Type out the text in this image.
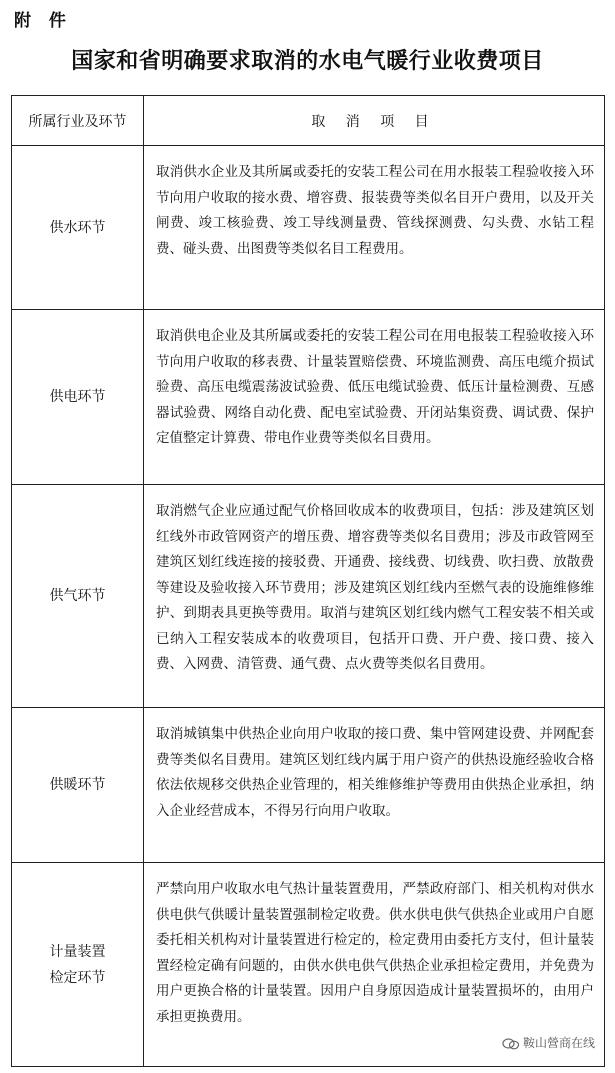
附 件
国家和省明确要求取消的水电气暖行业收费项目
所属行业及环节	取 消 项 目
供水环节	取消供水企业及其所属或委托的安装工程公司在用水报装工程验收接入环节向用户收取的接水费、增容费、报装费等类似名目开户费用，以及开关闸费、竣工核验费、竣工导线测量费、管线探测费、勾头费、水钻工程费、碰头费、出图费等类似名目工程费用。
供电环节	取消供电企业及其所属或委托的安装工程公司在用电报装工程验收接入环节向用户收取的移表费、计量装置赔偿费、环境监测费、高压电缆介损试验费、高压电缆震荡波试验费、低压电缆试验费、低压计量检测费、互感器试验费、网络自动化费、配电室试验费、开闭站集资费、调试费、保护定值整定计算费、带电作业费等类似名目费用。
供气环节	取消燃气企业应通过配气价格回收成本的收费项目，包括：涉及建筑区划红线外市政管网资产的增压费、增容费等类似名目费用；涉及市政管网至建筑区划红线连接的接驳费、开通费、接线费、切线费、吹扫费、放散费等建设及验收接入环节费用；涉及建筑区划红线内至燃气表的设施维修维护、到期表具更换等费用。取消与建筑区划红线内燃气工程安装不相关或已纳入工程安装成本的收费项目，包括开口费、开户费、接口费、接入费、入网费、清管费、通气费、点火费等类似名目费用。
供暖环节	取消城镇集中供热企业向用户收取的接口费、集中管网建设费、并网配套费等类似名目费用。建筑区划红线内属于用户资产的供热设施经验收合格依法依规移交供热企业管理的，相关维修维护等费用由供热企业承担，纳入企业经营成本，不得另行向用户收取。

计量装置
检定环节	严禁向用户收取水电气热计量装置费用，严禁政府部门、相关机构对供水供电供气供暖计量装置强制检定收费。供水供电供气供热企业或用户自愿委托相关机构对计量装置进行检定的，检定费用由委托方支付，但计量装置经检定确有问题的，由供水供电供气供热企业承担检定费用，并免费为用户更换合格的计量装置。因用户自身原因造成计量装置损坏的，由用户承担更换费用。
鞍山營商在线
